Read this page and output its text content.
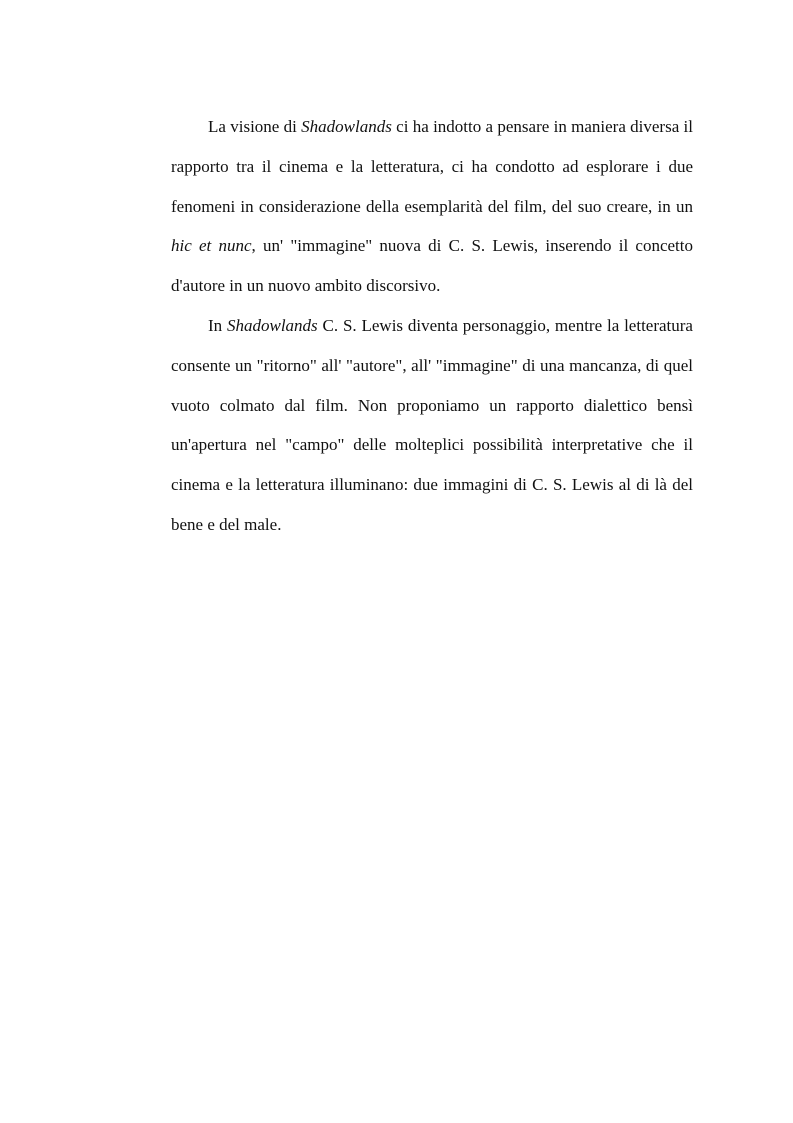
La visione di Shadowlands ci ha indotto a pensare in maniera diversa il rapporto tra il cinema e la letteratura, ci ha condotto ad esplorare i due fenomeni in considerazione della esemplarità del film, del suo creare, in un hic et nunc, un' "immagine" nuova di C. S. Lewis, inserendo il concetto d'autore in un nuovo ambito discorsivo.

In Shadowlands C. S. Lewis diventa personaggio, mentre la letteratura consente un "ritorno" all' "autore", all' "immagine" di una mancanza, di quel vuoto colmato dal film. Non proponiamo un rapporto dialettico bensì un'apertura nel "campo" delle molteplici possibilità interpretative che il cinema e la letteratura illuminano: due immagini di C. S. Lewis al di là del bene e del male.
